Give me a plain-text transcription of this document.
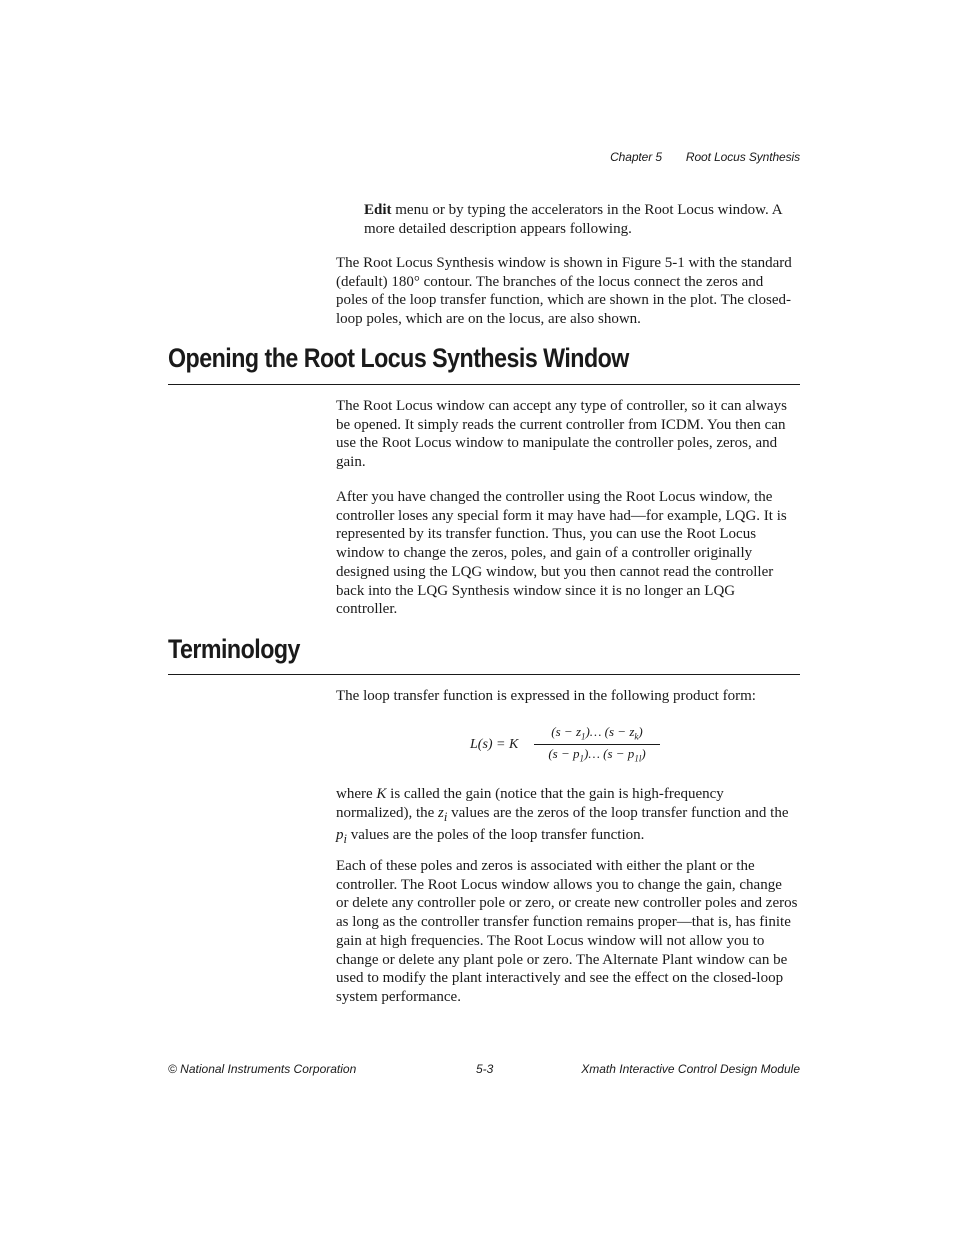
Chapter 5 Root Locus Synthesis

Edit menu or by typing the accelerators in the Root Locus window. A more detailed description appears following.

The Root Locus Synthesis window is shown in Figure 5-1 with the standard (default) 180° contour. The branches of the locus connect the zeros and poles of the loop transfer function, which are shown in the plot. The closed-loop poles, which are on the locus, are also shown.

Opening the Root Locus Synthesis Window

The Root Locus window can accept any type of controller, so it can always be opened. It simply reads the current controller from ICDM. You then can use the Root Locus window to manipulate the controller poles, zeros, and gain.

After you have changed the controller using the Root Locus window, the controller loses any special form it may have had—for example, LQG. It is represented by its transfer function. Thus, you can use the Root Locus window to change the zeros, poles, and gain of a controller originally designed using the LQG window, but you then cannot read the controller back into the LQG Synthesis window since it is no longer an LQG controller.

Terminology

The loop transfer function is expressed in the following product form:

L(s) = K
$(s - z_1)\dots$ $(s - z_k)$
$(s - p_1)\dots$ $(s - p_{1l})$

where K is called the gain (notice that the gain is high-frequency normalized), the $z_i$ values are the zeros of the loop transfer function and the $p_i$ values are the poles of the loop transfer function.

Each of these poles and zeros is associated with either the plant or the controller. The Root Locus window allows you to change the gain, change or delete any controller pole or zero, or create new controller poles and zeros as long as the controller transfer function remains proper—that is, has finite gain at high frequencies. The Root Locus window will not allow you to change or delete any plant pole or zero. The Alternate Plant window can be used to modify the plant interactively and see the effect on the closed-loop system performance.

© National Instruments Corporation	5-3	Xmath Interactive Control Design Module
